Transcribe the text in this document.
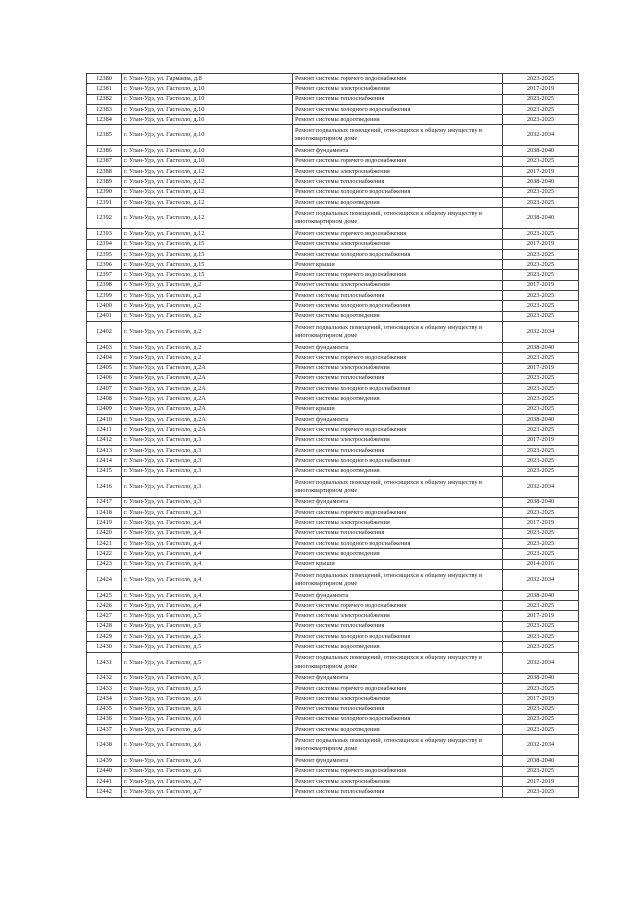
12380	г. Улан-Удэ, ул. Гармаева, д.8	Ремонт системы горячего водоснабжения	2023-2025
12381	г. Улан-Удэ, ул. Гастелло, д.10	Ремонт системы электроснабжения	2017-2019
12382	г. Улан-Удэ, ул. Гастелло, д.10	Ремонт системы теплоснабжения	2023-2025
12383	г. Улан-Удэ, ул. Гастелло, д.10	Ремонт системы холодного водоснабжения	2023-2025
12384	г. Улан-Удэ, ул. Гастелло, д.10	Ремонт системы водоотведения	2023-2025
12385	г. Улан-Удэ, ул. Гастелло, д.10	Ремонт подвальных помещений, относящихся к общему имуществу в многоквартирном доме	2032-2034
12386	г. Улан-Удэ, ул. Гастелло, д.10	Ремонт фундамента	2038-2040
12387	г. Улан-Удэ, ул. Гастелло, д.10	Ремонт системы горячего водоснабжения	2023-2025
12388	г. Улан-Удэ, ул. Гастелло, д.12	Ремонт системы электроснабжения	2017-2019
12389	г. Улан-Удэ, ул. Гастелло, д.12	Ремонт системы теплоснабжения	2038-2040
12390	г. Улан-Удэ, ул. Гастелло, д.12	Ремонт системы холодного водоснабжения	2023-2025
12391	г. Улан-Удэ, ул. Гастелло, д.12	Ремонт системы водоотведения	2023-2025
12392	г. Улан-Удэ, ул. Гастелло, д.12	Ремонт подвальных помещений, относящихся к общему имуществу в многоквартирном доме	2038-2040
12393	г. Улан-Удэ, ул. Гастелло, д.12	Ремонт системы горячего водоснабжения	2023-2025
12394	г. Улан-Удэ, ул. Гастелло, д.15	Ремонт системы электроснабжения	2017-2019
12395	г. Улан-Удэ, ул. Гастелло, д.15	Ремонт системы холодного водоснабжения	2023-2025
12396	г. Улан-Удэ, ул. Гастелло, д.15	Ремонт крыши	2023-2025
12397	г. Улан-Удэ, ул. Гастелло, д.15	Ремонт системы горячего водоснабжения	2023-2025
12398	г. Улан-Удэ, ул. Гастелло, д.2	Ремонт системы электроснабжения	2017-2019
12399	г. Улан-Удэ, ул. Гастелло, д.2	Ремонт системы теплоснабжения	2023-2025
12400	г. Улан-Удэ, ул. Гастелло, д.2	Ремонт системы холодного водоснабжения	2023-2025
12401	г. Улан-Удэ, ул. Гастелло, д.2	Ремонт системы водоотведения	2023-2025
12402	г. Улан-Удэ, ул. Гастелло, д.2	Ремонт подвальных помещений, относящихся к общему имуществу в многоквартирном доме	2032-2034
12403	г. Улан-Удэ, ул. Гастелло, д.2	Ремонт фундамента	2038-2040
12404	г. Улан-Удэ, ул. Гастелло, д.2	Ремонт системы горячего водоснабжения	2023-2025
12405	г. Улан-Удэ, ул. Гастелло, д.2А	Ремонт системы электроснабжения	2017-2019
12406	г. Улан-Удэ, ул. Гастелло, д.2А	Ремонт системы теплоснабжения	2023-2025
12407	г. Улан-Удэ, ул. Гастелло, д.2А	Ремонт системы холодного водоснабжения	2023-2025
12408	г. Улан-Удэ, ул. Гастелло, д.2А	Ремонт системы водоотведения	2023-2025
12409	г. Улан-Удэ, ул. Гастелло, д.2А	Ремонт крыши	2023-2025
12410	г. Улан-Удэ, ул. Гастелло, д.2А	Ремонт фундамента	2038-2040
12411	г. Улан-Удэ, ул. Гастелло, д.2А	Ремонт системы горячего водоснабжения	2023-2025
12412	г. Улан-Удэ, ул. Гастелло, д.3	Ремонт системы электроснабжения	2017-2019
12413	г. Улан-Удэ, ул. Гастелло, д.3	Ремонт системы теплоснабжения	2023-2025
12414	г. Улан-Удэ, ул. Гастелло, д.3	Ремонт системы холодного водоснабжения	2023-2025
12415	г. Улан-Удэ, ул. Гастелло, д.3	Ремонт системы водоотведения	2023-2025
12416	г. Улан-Удэ, ул. Гастелло, д.3	Ремонт подвальных помещений, относящихся к общему имуществу в многоквартирном доме	2032-2034
12417	г. Улан-Удэ, ул. Гастелло, д.3	Ремонт фундамента	2038-2040
12418	г. Улан-Удэ, ул. Гастелло, д.3	Ремонт системы горячего водоснабжения	2023-2025
12419	г. Улан-Удэ, ул. Гастелло, д.4	Ремонт системы электроснабжения	2017-2019
12420	г. Улан-Удэ, ул. Гастелло, д.4	Ремонт системы теплоснабжения	2023-2025
12421	г. Улан-Удэ, ул. Гастелло, д.4	Ремонт системы холодного водоснабжения	2023-2025
12422	г. Улан-Удэ, ул. Гастелло, д.4	Ремонт системы водоотведения	2023-2025
12423	г. Улан-Удэ, ул. Гастелло, д.4	Ремонт крыши	2014-2016
12424	г. Улан-Удэ, ул. Гастелло, д.4	Ремонт подвальных помещений, относящихся к общему имуществу в многоквартирном доме	2032-2034
12425	г. Улан-Удэ, ул. Гастелло, д.4	Ремонт фундамента	2038-2040
12426	г. Улан-Удэ, ул. Гастелло, д.4	Ремонт системы горячего водоснабжения	2023-2025
12427	г. Улан-Удэ, ул. Гастелло, д.5	Ремонт системы электроснабжения	2017-2019
12428	г. Улан-Удэ, ул. Гастелло, д.5	Ремонт системы теплоснабжения	2023-2025
12429	г. Улан-Удэ, ул. Гастелло, д.5	Ремонт системы холодного водоснабжения	2023-2025
12430	г. Улан-Удэ, ул. Гастелло, д.5	Ремонт системы водоотведения	2023-2025
12431	г. Улан-Удэ, ул. Гастелло, д.5	Ремонт подвальных помещений, относящихся к общему имуществу в многоквартирном доме	2032-2034
12432	г. Улан-Удэ, ул. Гастелло, д.5	Ремонт фундамента	2038-2040
12433	г. Улан-Удэ, ул. Гастелло, д.5	Ремонт системы горячего водоснабжения	2023-2025
12434	г. Улан-Удэ, ул. Гастелло, д.6	Ремонт системы электроснабжения	2017-2019
12435	г. Улан-Удэ, ул. Гастелло, д.6	Ремонт системы теплоснабжения	2023-2025
12436	г. Улан-Удэ, ул. Гастелло, д.6	Ремонт системы холодного водоснабжения	2023-2025
12437	г. Улан-Удэ, ул. Гастелло, д.6	Ремонт системы водоотведения	2023-2025
12438	г. Улан-Удэ, ул. Гастелло, д.6	Ремонт подвальных помещений, относящихся к общему имуществу в многоквартирном доме	2032-2034
12439	г. Улан-Удэ, ул. Гастелло, д.6	Ремонт фундамента	2038-2040
12440	г. Улан-Удэ, ул. Гастелло, д.6	Ремонт системы горячего водоснабжения	2023-2025
12441	г. Улан-Удэ, ул. Гастелло, д.7	Ремонт системы электроснабжения	2017-2019
12442	г. Улан-Удэ, ул. Гастелло, д.7	Ремонт системы теплоснабжения	2023-2025
